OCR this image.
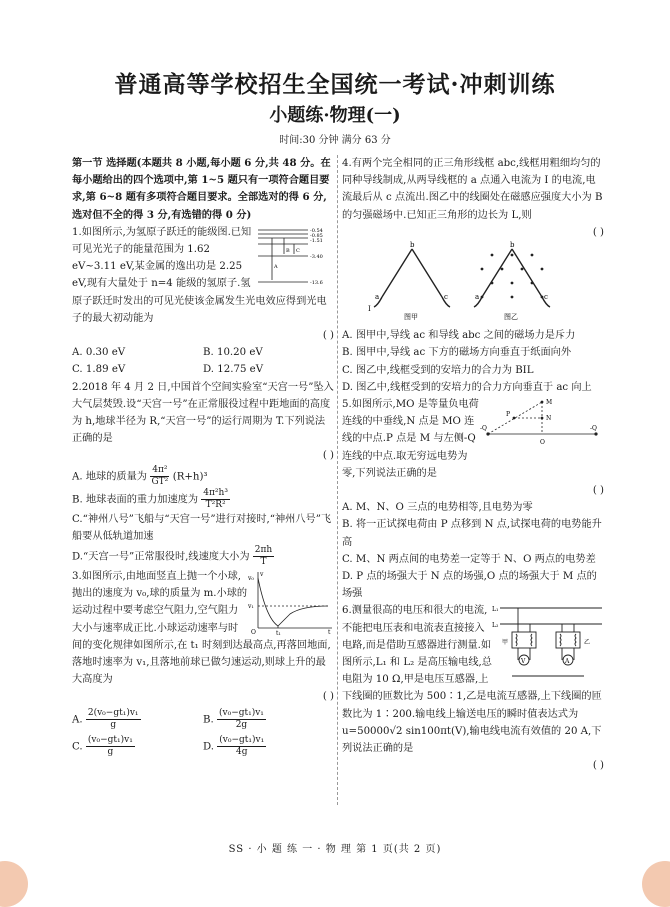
普通高等学校招生全国统一考试·冲刺训练
小题练·物理(一)
时间:30 分钟 满分 63 分

第一节 选择题(本题共 8 小题,每小题 6 分,共 48 分。在每小题给出的四个选项中,第 1~5 题只有一项符合题目要求,第 6~8 题有多项符合题目要求。全部选对的得 6 分,选对但不全的得 3 分,有选错的得 0 分)

-0.54
-0.85
-1.51
-3.40
-13.6
A
B C

1.如图所示,为氢原子跃迁的能级图.已知可见光光子的能量范围为 1.62 eV~3.11 eV,某金属的逸出功是 2.25 eV,现有大量处于 n=4 能级的氢原子.氢原子跃迁时发出的可见光使该金属发生光电效应得到光电子的最大初动能为

( )

A. 0.30 eV	B. 10.20 eV
C. 1.89 eV	D. 12.75 eV

2.2018 年 4 月 2 日,中国首个空间实验室“天宫一号”坠入大气层焚毁.设“天宫一号”在正常服役过程中距地面的高度为 h,地球半径为 R,“天宫一号”的运行周期为 T.下列说法正确的是

( )

A. 地球的质量为 $\frac{\text{4π²}}{\text{GT²}} (R+h)^3$

B. 地球表面的重力加速度为 $\frac{\text{4π²h³}}{\text{T²R²}}$

C.“神州八号”飞船与“天宫一号”进行对接时,“神州八号”飞船要从低轨道加速

D.“天宫一号”正常服役时,线速度大小为 $\frac{2\pi h}{T}$

v
t
v₀
v₁
O	t₁

3.如图所示,由地面竖直上抛一个小球,抛出的速度为 v₀,球的质量为 m.小球的运动过程中要考虑空气阻力,空气阻力大小与速率成正比.小球运动速率与时间的变化规律如图所示,在 t₁ 时刻到达最高点,再落回地面,落地时速率为 v₁,且落地前球已做匀速运动,则球上升的最大高度为

( )

A. $\frac{\text{2(v₀−gt₁)v₁}}{g}$	B. $\frac{\text{(v₀−gt₁)v₁}}{2g}$
C. $\frac{\text{(v₀−gt₁)v₁}}{g}$	D. $\frac{\text{(v₀−gt₁)v₁}}{4g}$

4.有两个完全相同的正三角形线框 abc,线框用粗细均匀的同种导线制成,从两导线框的 a 点通入电流为 I 的电流,电流最后从 c 点流出.图乙中的线圈处在磁感应强度大小为 B 的匀强磁场中.已知正三角形的边长为 L,则

( )

b
a	c
I
b
a	c
图甲	图乙

A. 图甲中,导线 ac 和导线 abc 之间的磁场力是斥力

B. 图甲中,导线 ac 下方的磁场方向垂直于纸面向外

C. 图乙中,线框受到的安培力的合力为 BIL

D. 图乙中,线框受到的安培力的合力方向垂直于 ac 向上

M
N
P
O
-Q	-Q

5.如图所示,MO 是等量负电荷连线的中垂线,N 点是 MO 连线的中点.P 点是 M 与左侧-Q 连线的中点.取无穷远电势为零,下列说法正确的是

( )

A. M、N、O 三点的电势相等,且电势为零

B. 将一正试探电荷由 P 点移到 N 点,试探电荷的电势能升高

C. M、N 两点间的电势差一定等于 N、O 两点的电势差

D. P 点的场强大于 N 点的场强,O 点的场强大于 M 点的场强

L₁
L₂
甲	乙
V	A

6.测量很高的电压和很大的电流,不能把电压表和电流表直接接入电路,而是借助互感器进行测量.如图所示,L₁ 和 L₂ 是高压输电线,总电阻为 10 Ω,甲是电压互感器,上下线圈的匝数比为 500∶1,乙是电流互感器,上下线圈的匝数比为 1∶200.输电线上输送电压的瞬时值表达式为 u=50000√2 sin100πt(V),输电线电流有效值的 20 A,下列说法正确的是

( )

SS · 小 题 练 一 · 物 理 第 1 页(共 2 页)
